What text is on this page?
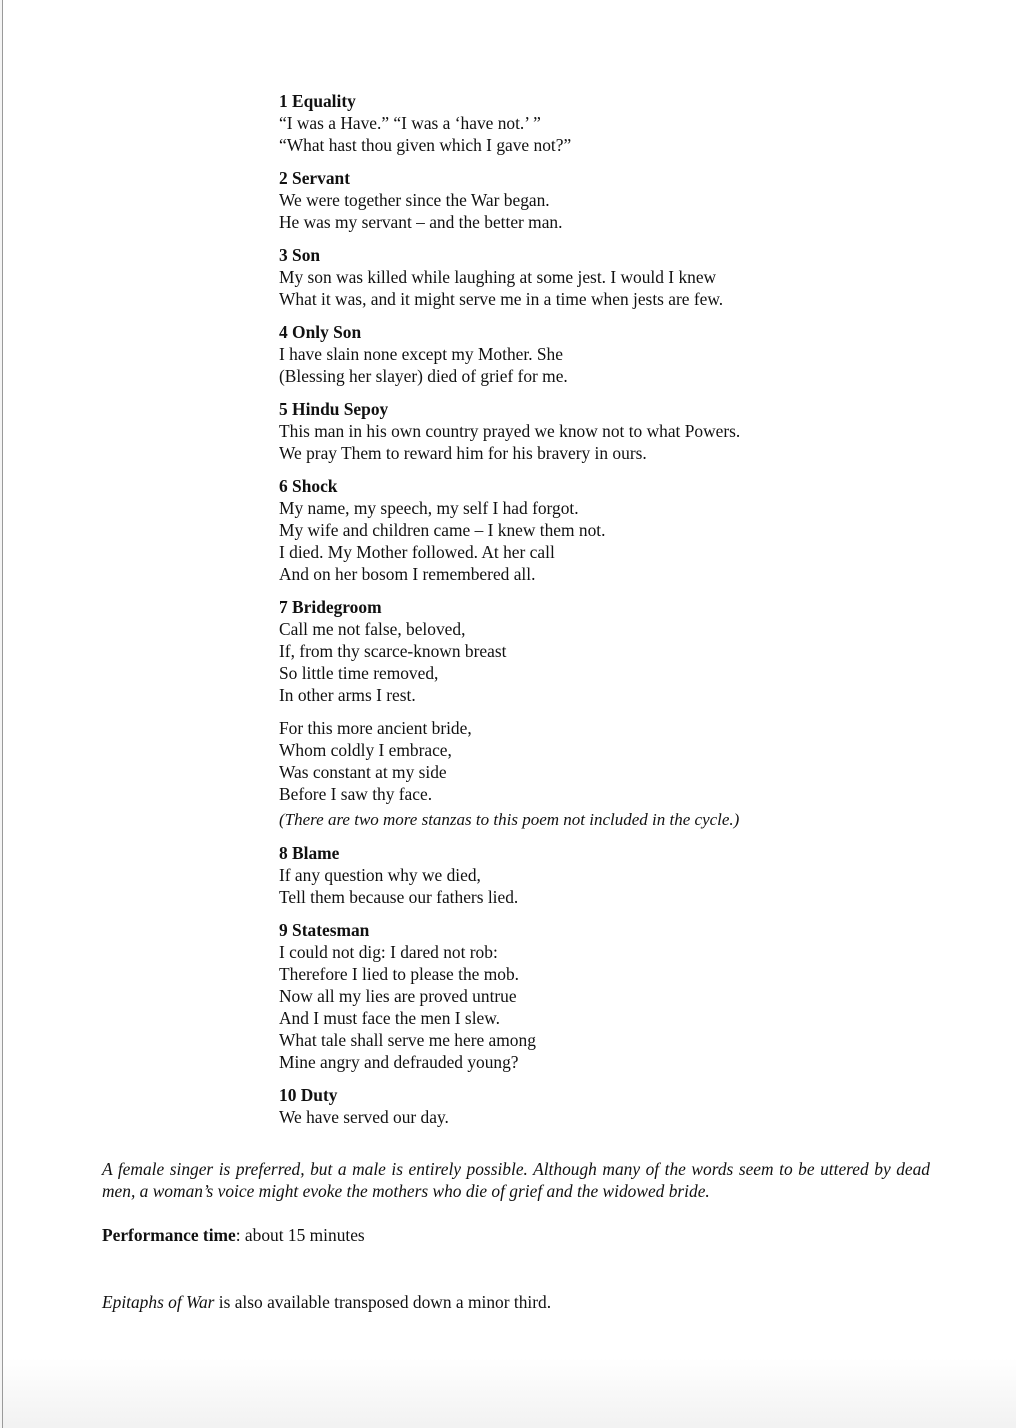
1 Equality
“I was a Have.” “I was a ‘have not.’ ”
“What hast thou given which I gave not?”
2 Servant
We were together since the War began.
He was my servant – and the better man.
3 Son
My son was killed while laughing at some jest. I would I knew
What it was, and it might serve me in a time when jests are few.
4 Only Son
I have slain none except my Mother. She
(Blessing her slayer) died of grief for me.
5 Hindu Sepoy
This man in his own country prayed we know not to what Powers.
We pray Them to reward him for his bravery in ours.
6 Shock
My name, my speech, my self I had forgot.
My wife and children came – I knew them not.
I died. My Mother followed. At her call
And on her bosom I remembered all.
7 Bridegroom
Call me not false, beloved,
If, from thy scarce-known breast
So little time removed,
In other arms I rest.
For this more ancient bride,
Whom coldly I embrace,
Was constant at my side
Before I saw thy face.
(There are two more stanzas to this poem not included in the cycle.)
8 Blame
If any question why we died,
Tell them because our fathers lied.
9 Statesman
I could not dig: I dared not rob:
Therefore I lied to please the mob.
Now all my lies are proved untrue
And I must face the men I slew.
What tale shall serve me here among
Mine angry and defrauded young?
10 Duty
We have served our day.

A female singer is preferred, but a male is entirely possible. Although many of the words seem to be uttered by dead men, a woman’s voice might evoke the mothers who die of grief and the widowed bride.

Performance time: about 15 minutes
Epitaphs of War is also available transposed down a minor third.
